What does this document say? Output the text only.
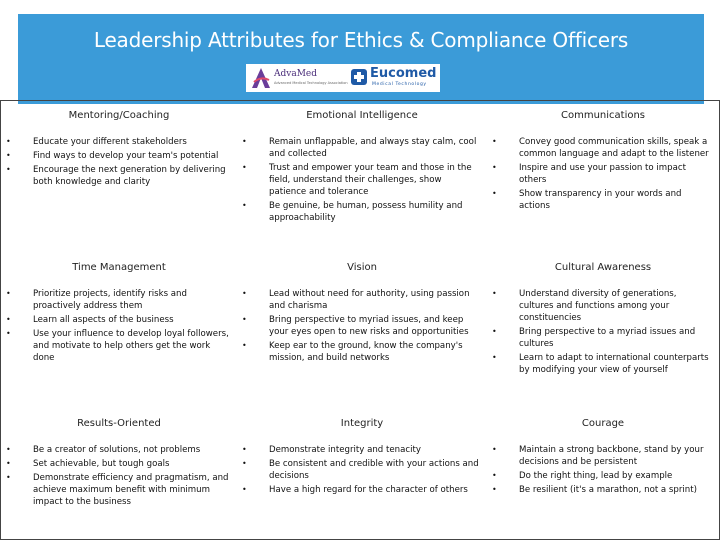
Leadership Attributes for Ethics & Compliance Officers
AdvaMed
Advanced Medical Technology Association
Eucomed
Medical Technology
Mentoring/Coaching
•	Educate your different stakeholders
•	Find ways to develop your team's potential
•	Encourage the next generation by delivering both knowledge and clarity
Emotional Intelligence
•	Remain unflappable, and always stay calm, cool and collected
•	Trust and empower your team and those in the field, understand their challenges, show patience and tolerance
•	Be genuine, be human, possess humility and approachability
Communications
•	Convey good communication skills, speak a common language and adapt to the listener
•	Inspire and use your passion to impact others
•	Show transparency in your words and actions
Time Management
•	Prioritize projects, identify risks and proactively address them
•	Learn all aspects of the business
•	Use your influence to develop loyal followers, and motivate to help others get the work done
Vision
•	Lead without need for authority, using passion and charisma
•	Bring perspective to myriad issues, and keep your eyes open to new risks and opportunities
•	Keep ear to the ground, know the company's mission, and build networks
Cultural Awareness
•	Understand diversity of generations, cultures and functions among your constituencies
•	Bring perspective to a myriad issues and cultures
•	Learn to adapt to international counterparts by modifying your view of yourself
Results-Oriented
•	Be a creator of solutions, not problems
•	Set achievable, but tough goals
•	Demonstrate efficiency and pragmatism, and achieve maximum benefit with minimum impact to the business
Integrity
•	Demonstrate integrity and tenacity
•	Be consistent and credible with your actions and decisions
•	Have a high regard for the character of others
Courage
•	Maintain a strong backbone, stand by your decisions and be persistent
•	Do the right thing, lead by example
•	Be resilient (it's a marathon, not a sprint)
